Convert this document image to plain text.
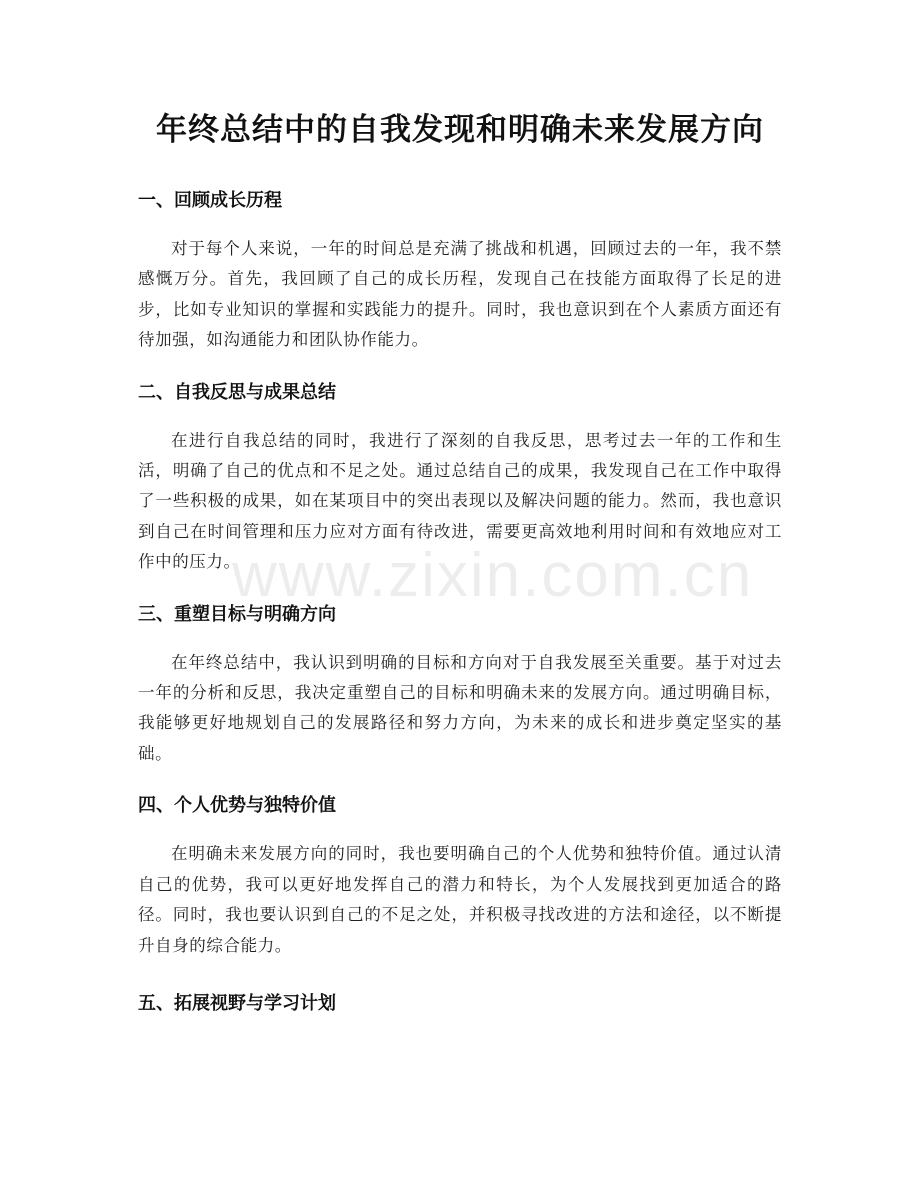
www.zixin.com.cn
年终总结中的自我发现和明确未来发展方向
一、回顾成长历程

对于每个人来说，一年的时间总是充满了挑战和机遇，回顾过去的一年，我不禁感慨万分。首先，我回顾了自己的成长历程，发现自己在技能方面取得了长足的进步，比如专业知识的掌握和实践能力的提升。同时，我也意识到在个人素质方面还有待加强，如沟通能力和团队协作能力。

二、自我反思与成果总结

在进行自我总结的同时，我进行了深刻的自我反思，思考过去一年的工作和生活，明确了自己的优点和不足之处。通过总结自己的成果，我发现自己在工作中取得了一些积极的成果，如在某项目中的突出表现以及解决问题的能力。然而，我也意识到自己在时间管理和压力应对方面有待改进，需要更高效地利用时间和有效地应对工作中的压力。

三、重塑目标与明确方向

在年终总结中，我认识到明确的目标和方向对于自我发展至关重要。基于对过去一年的分析和反思，我决定重塑自己的目标和明确未来的发展方向。通过明确目标，我能够更好地规划自己的发展路径和努力方向，为未来的成长和进步奠定坚实的基础。

四、个人优势与独特价值

在明确未来发展方向的同时，我也要明确自己的个人优势和独特价值。通过认清自己的优势，我可以更好地发挥自己的潜力和特长，为个人发展找到更加适合的路径。同时，我也要认识到自己的不足之处，并积极寻找改进的方法和途径，以不断提升自身的综合能力。

五、拓展视野与学习计划
